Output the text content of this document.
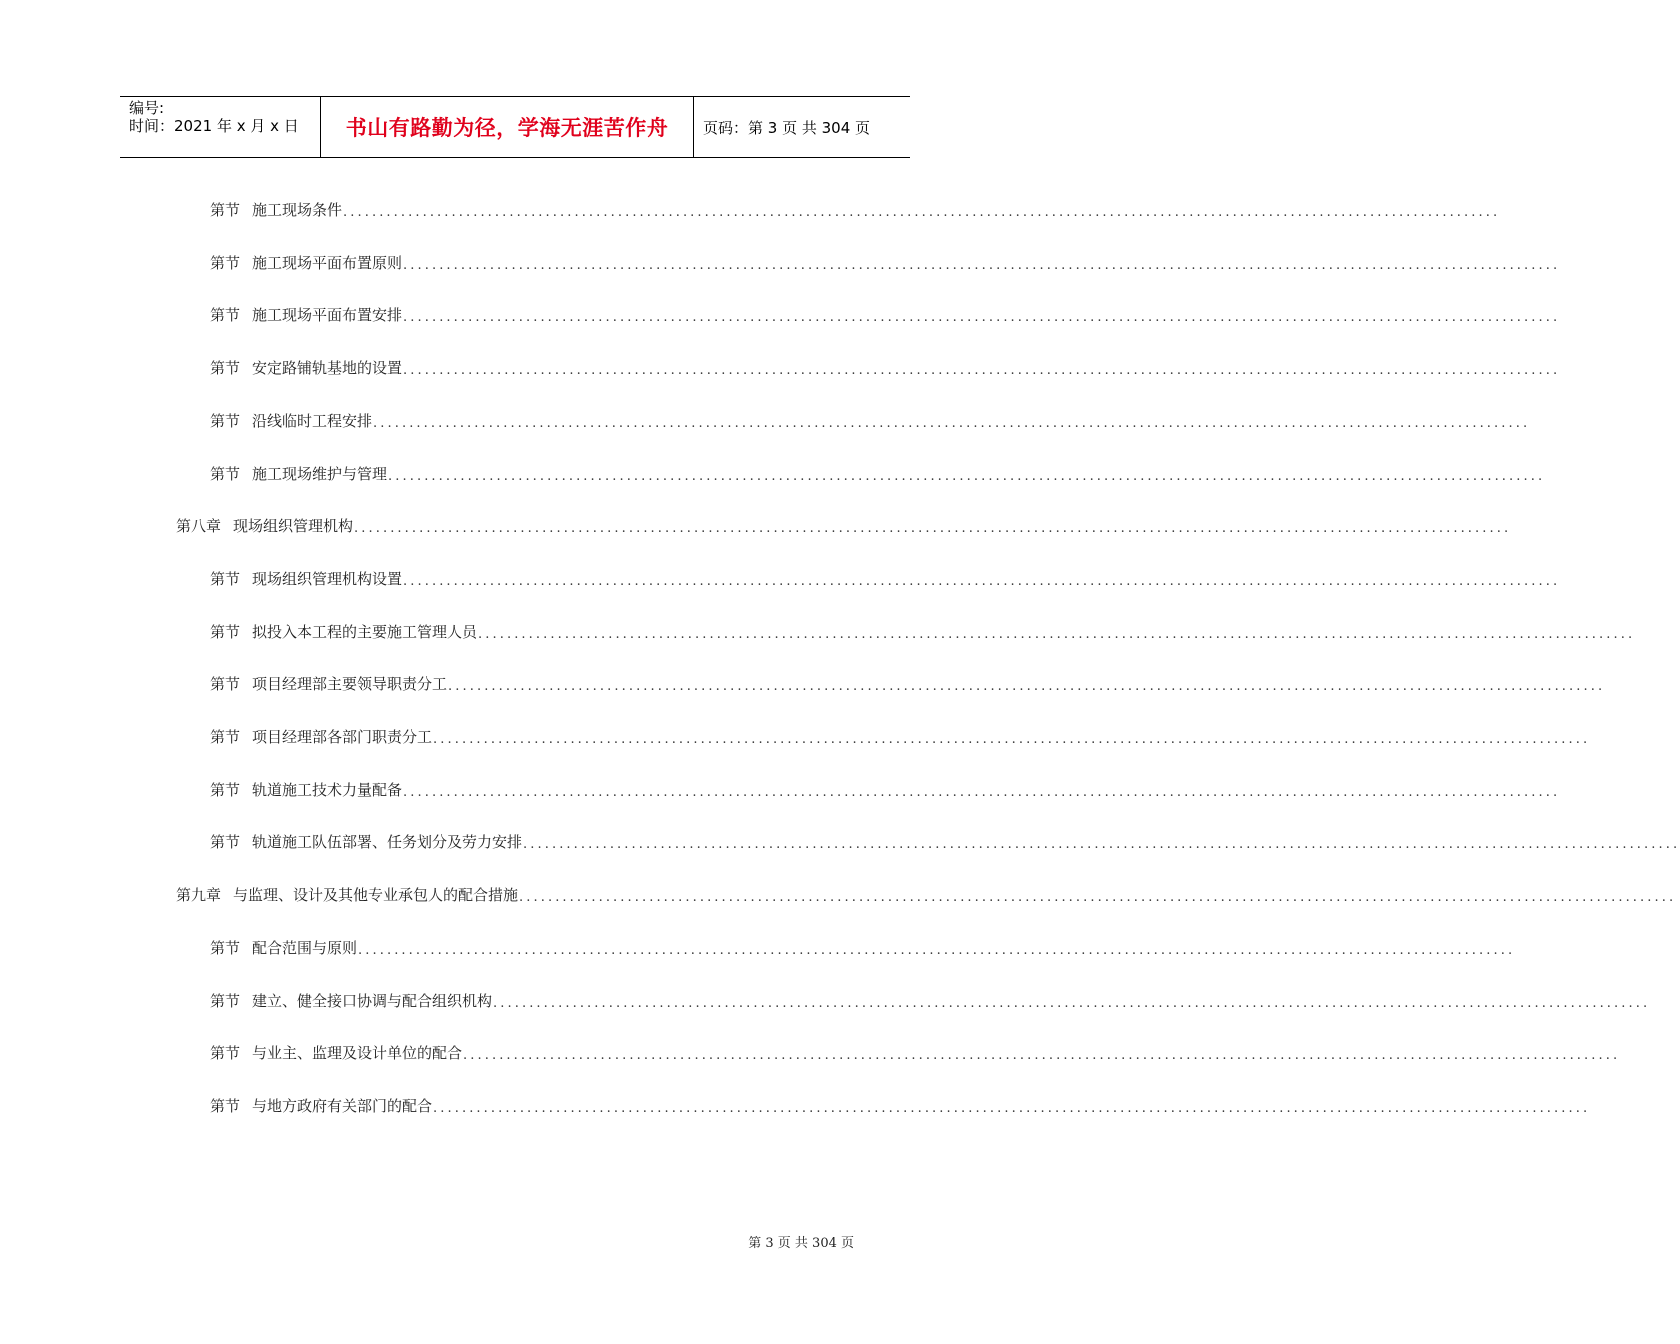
编号:
时间：2021 年 x 月 x 日	书山有路勤为径，学海无涯苦作舟 页码：第 3 页 共 304 页
第节 施工现场条件 ................................................................................................................................................................
第节 施工现场平面布置原则 ................................................................................................................................................................
第节 施工现场平面布置安排 ................................................................................................................................................................
第节 安定路铺轨基地的设置 ................................................................................................................................................................
第节 沿线临时工程安排 ................................................................................................................................................................
第节 施工现场维护与管理 ................................................................................................................................................................
第八章 现场组织管理机构 ................................................................................................................................................................
第节 现场组织管理机构设置 ................................................................................................................................................................
第节 拟投入本工程的主要施工管理人员 ................................................................................................................................................................
第节 项目经理部主要领导职责分工 ................................................................................................................................................................
第节 项目经理部各部门职责分工 ................................................................................................................................................................
第节 轨道施工技术力量配备 ................................................................................................................................................................
第节 轨道施工队伍部署、任务划分及劳力安排 ................................................................................................................................................................
第九章 与监理、设计及其他专业承包人的配合措施 ................................................................................................................................................................
第节 配合范围与原则 ................................................................................................................................................................
第节 建立、健全接口协调与配合组织机构 ................................................................................................................................................................
第节 与业主、监理及设计单位的配合 ................................................................................................................................................................
第节 与地方政府有关部门的配合 ................................................................................................................................................................
第 3 页 共 304 页
